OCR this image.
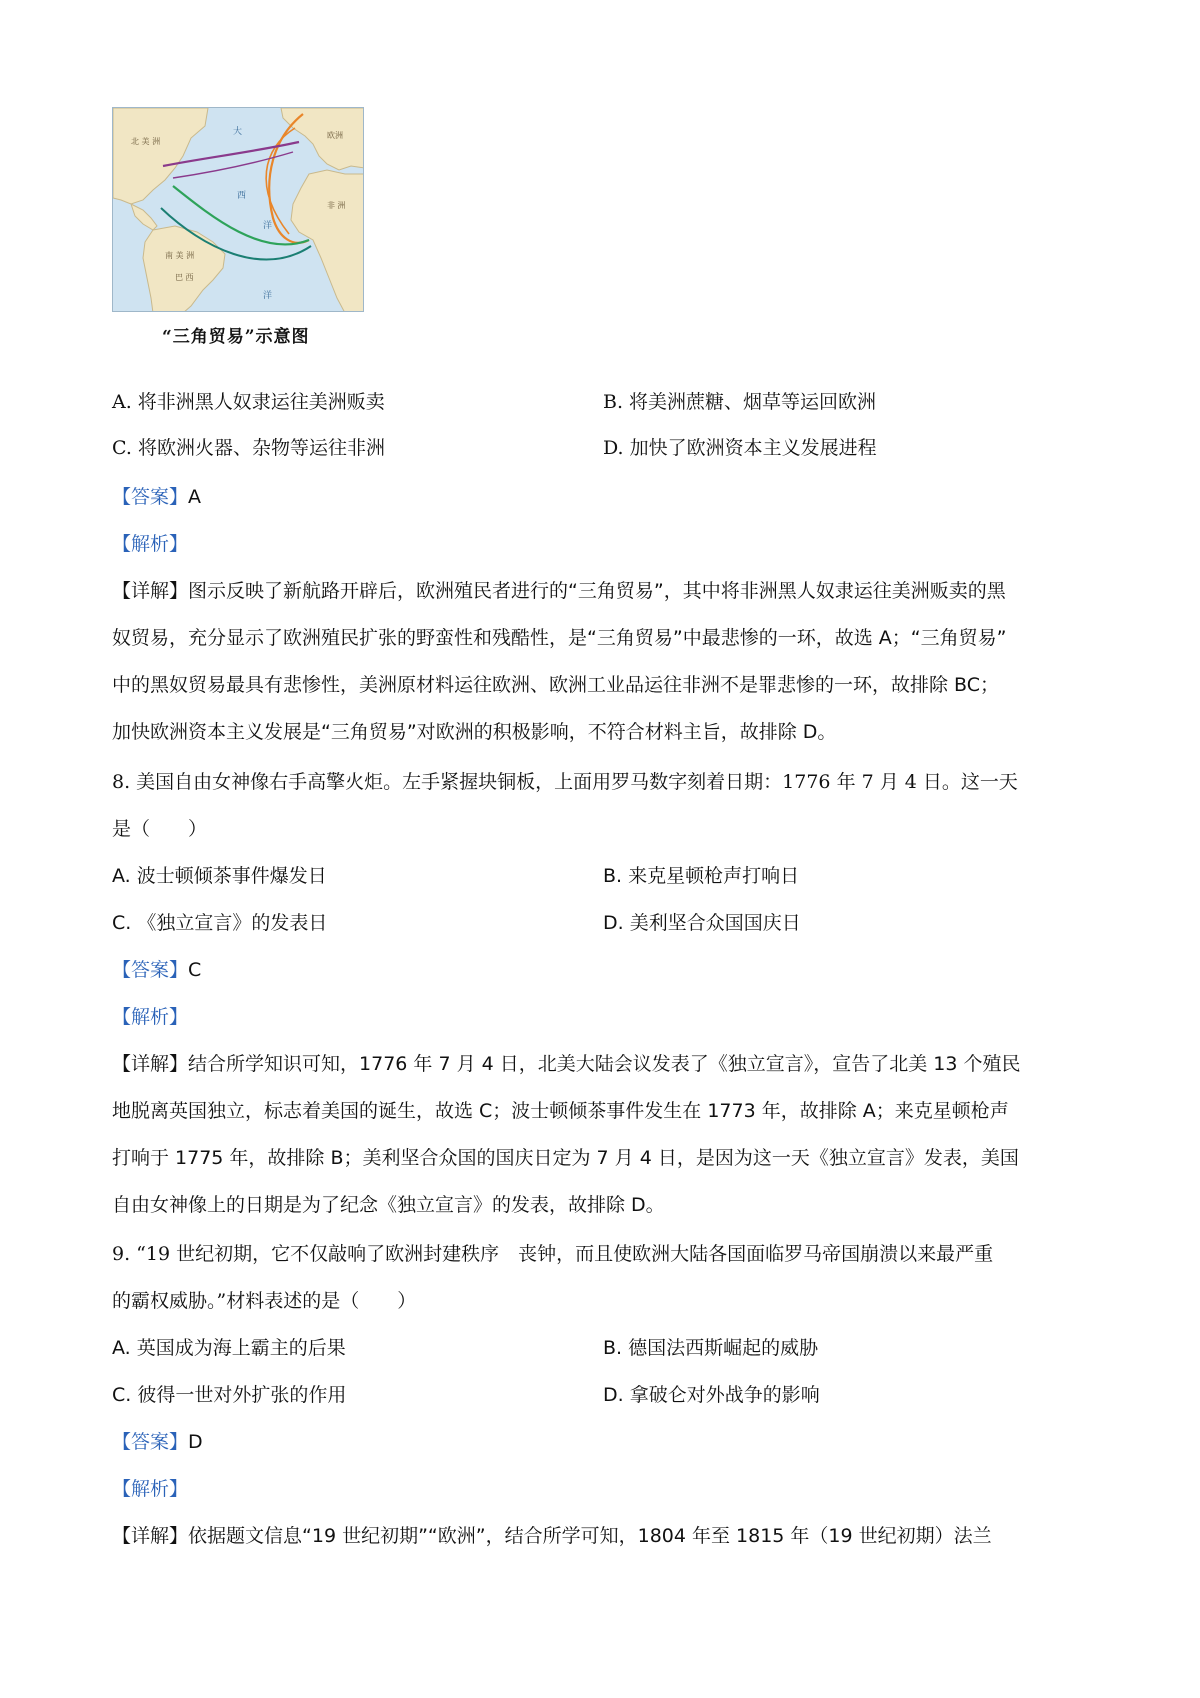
北 美 洲
大
西
洋
欧洲
非 洲
南 美 洲
巴 西
洋
“三角贸易”示意图
A. 将非洲黑人奴隶运往美洲贩卖	B. 将美洲蔗糖、烟草等运回欧洲
C. 将欧洲火器、杂物等运往非洲	D. 加快了欧洲资本主义发展进程
【答案】A
【解析】
【详解】图示反映了新航路开辟后，欧洲殖民者进行的“三角贸易”，其中将非洲黑人奴隶运往美洲贩卖的黑
奴贸易，充分显示了欧洲殖民扩张的野蛮性和残酷性，是“三角贸易”中最悲惨的一环，故选 A；“三角贸易”
中的黑奴贸易最具有悲惨性，美洲原材料运往欧洲、欧洲工业品运往非洲不是罪悲惨的一环，故排除 BC；
加快欧洲资本主义发展是“三角贸易”对欧洲的积极影响，不符合材料主旨，故排除 D。
8. 美国自由女神像右手高擎火炬。左手紧握块铜板，上面用罗马数字刻着日期：1776 年 7 月 4 日。这一天
是（　　）
A. 波士顿倾茶事件爆发日	B. 来克星顿枪声打响日
C. 《独立宣言》的发表日	D. 美利坚合众国国庆日
【答案】C
【解析】
【详解】结合所学知识可知，1776 年 7 月 4 日，北美大陆会议发表了《独立宣言》，宣告了北美 13 个殖民
地脱离英国独立，标志着美国的诞生，故选 C；波士顿倾茶事件发生在 1773 年，故排除 A；来克星顿枪声
打响于 1775 年，故排除 B；美利坚合众国的国庆日定为 7 月 4 日，是因为这一天《独立宣言》发表，美国
自由女神像上的日期是为了纪念《独立宣言》的发表，故排除 D。
9. “19 世纪初期，它不仅敲响了欧洲封建秩序　丧钟，而且使欧洲大陆各国面临罗马帝国崩溃以来最严重
的霸权威胁。”材料表述的是（　　）
A. 英国成为海上霸主的后果	B. 德国法西斯崛起的威胁
C. 彼得一世对外扩张的作用	D. 拿破仑对外战争的影响
【答案】D
【解析】
【详解】依据题文信息“19 世纪初期”“欧洲”，结合所学可知，1804 年至 1815 年（19 世纪初期）法兰
